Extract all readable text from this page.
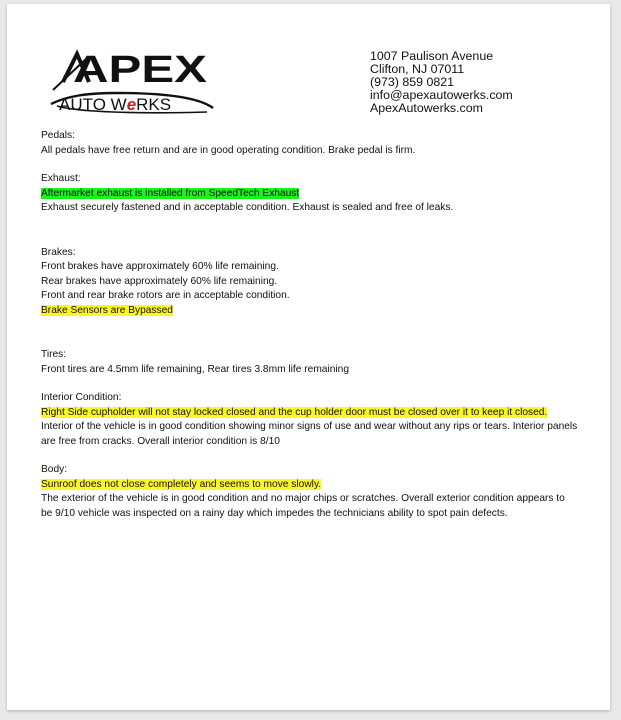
APEX
AUTO WeRKS
1007 Paulison Avenue
Clifton, NJ 07011
(973) 859 0821
info@apexautowerks.com
ApexAutowerks.com
Pedals:
All pedals have free return and are in good operating condition. Brake pedal is firm.
Exhaust:
Aftermarket exhaust is installed from SpeedTech Exhaust
Exhaust securely fastened and in acceptable condition. Exhaust is sealed and free of leaks.
Brakes:
Front brakes have approximately 60% life remaining.
Rear brakes have approximately 60% life remaining.
Front and rear brake rotors are in acceptable condition.
Brake Sensors are Bypassed
Tires:
Front tires are 4.5mm life remaining, Rear tires 3.8mm life remaining
Interior Condition:
Right Side cupholder will not stay locked closed and the cup holder door must be closed over it to keep it closed.
Interior of the vehicle is in good condition showing minor signs of use and wear without any rips or tears. Interior panels
are free from cracks. Overall interior condition is 8/10
Body:
Sunroof does not close completely and seems to move slowly.
The exterior of the vehicle is in good condition and no major chips or scratches. Overall exterior condition appears to
be 9/10 vehicle was inspected on a rainy day which impedes the technicians ability to spot pain defects.
